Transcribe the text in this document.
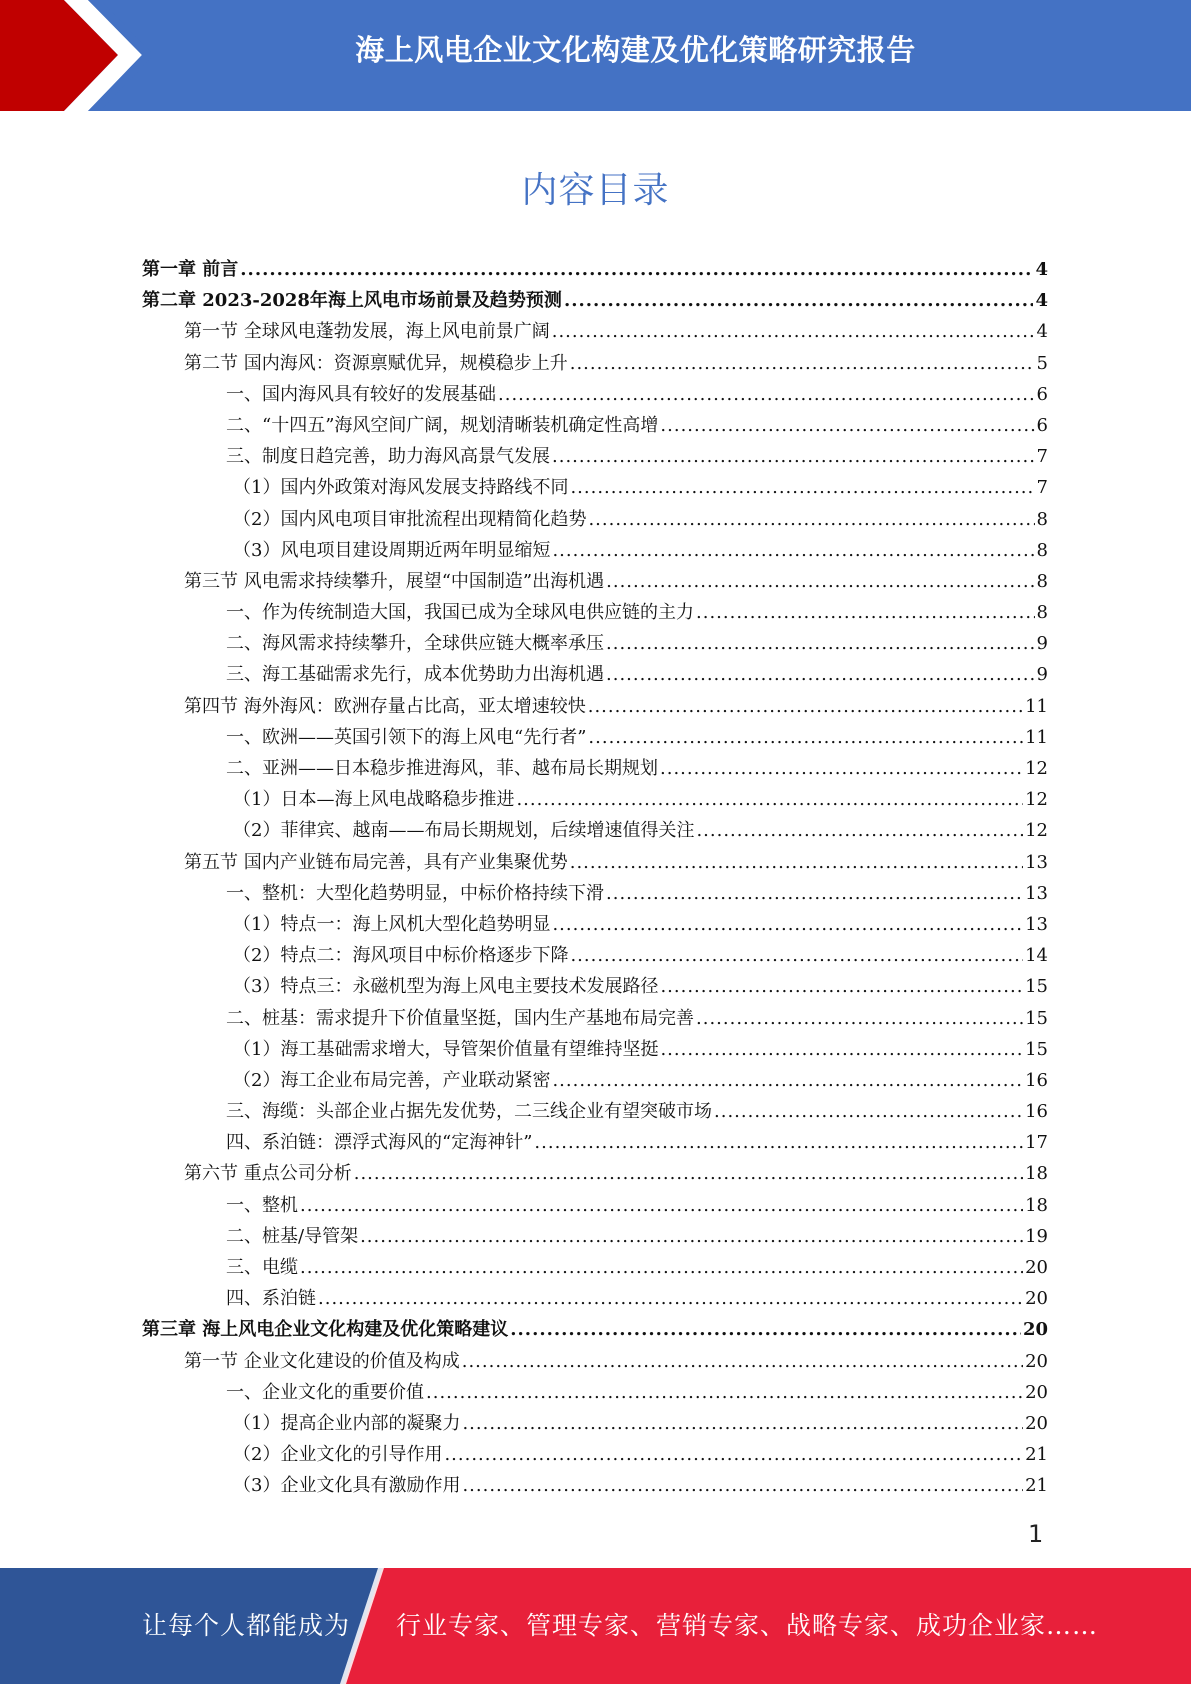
海上风电企业文化构建及优化策略研究报告
内容目录
第一章 前言 .....	4
第二章 2023-2028年海上风电市场前景及趋势预测 .....	4
第一节 全球风电蓬勃发展，海上风电前景广阔 .....	4
第二节 国内海风：资源禀赋优异，规模稳步上升 .....	5
一、国内海风具有较好的发展基础 .....	6
二、“十四五”海风空间广阔，规划清晰装机确定性高增 .....	6
三、制度日趋完善，助力海风高景气发展 .....	7
（1）国内外政策对海风发展支持路线不同 .....	7
（2）国内风电项目审批流程出现精简化趋势 .....	8
（3）风电项目建设周期近两年明显缩短 .....	8
第三节 风电需求持续攀升，展望“中国制造”出海机遇 .....	8
一、作为传统制造大国，我国已成为全球风电供应链的主力 .....	8
二、海风需求持续攀升，全球供应链大概率承压 .....	9
三、海工基础需求先行，成本优势助力出海机遇 .....	9
第四节 海外海风：欧洲存量占比高，亚太增速较快 .....	11
一、欧洲——英国引领下的海上风电“先行者” .....	11
二、亚洲——日本稳步推进海风，菲、越布局长期规划 .....	12
（1）日本—海上风电战略稳步推进 .....	12
（2）菲律宾、越南——布局长期规划，后续增速值得关注 .....	12
第五节 国内产业链布局完善，具有产业集聚优势 .....	13
一、整机：大型化趋势明显，中标价格持续下滑 .....	13
（1）特点一：海上风机大型化趋势明显 .....	13
（2）特点二：海风项目中标价格逐步下降 .....	14
（3）特点三：永磁机型为海上风电主要技术发展路径 .....	15
二、桩基：需求提升下价值量坚挺，国内生产基地布局完善 .....	15
（1）海工基础需求增大，导管架价值量有望维持坚挺 .....	15
（2）海工企业布局完善，产业联动紧密 .....	16
三、海缆：头部企业占据先发优势，二三线企业有望突破市场 .....	16
四、系泊链：漂浮式海风的“定海神针” .....	17
第六节 重点公司分析 .....	18
一、整机 .....	18
二、桩基/导管架 .....	19
三、电缆 .....	20
四、系泊链 .....	20
第三章 海上风电企业文化构建及优化策略建议 .....	20
第一节 企业文化建设的价值及构成 .....	20
一、企业文化的重要价值 .....	20
（1）提高企业内部的凝聚力 .....	20
（2）企业文化的引导作用 .....	21
（3）企业文化具有激励作用 .....	21
1
让每个人都能成为 行业专家、管理专家、营销专家、战略专家、成功企业家……
